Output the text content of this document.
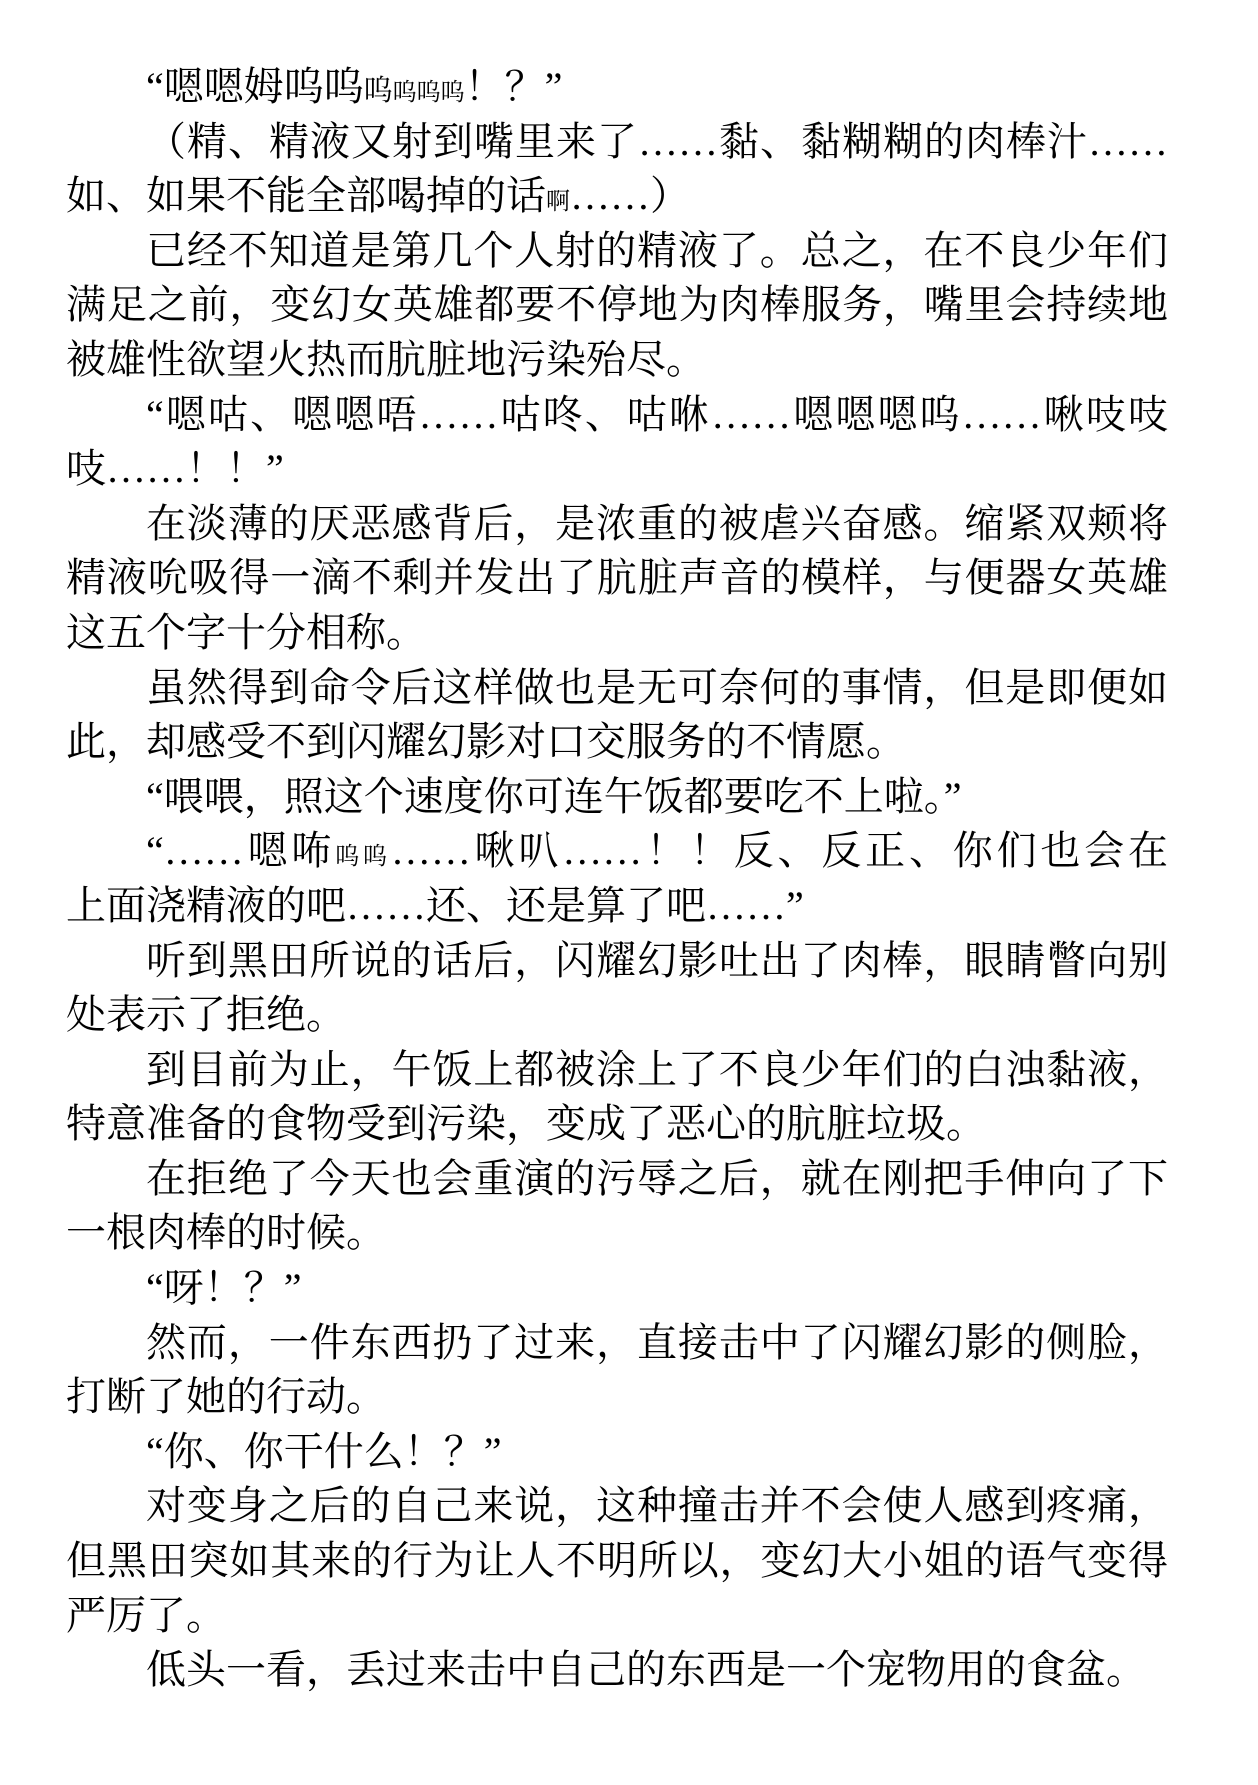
“嗯嗯姆呜呜呜呜呜呜！？”
（精、精液又射到嘴里来了……黏、黏糊糊的肉棒汁……
如、如果不能全部喝掉的话啊……）
已经不知道是第几个人射的精液了。总之，在不良少年们
满足之前，变幻女英雄都要不停地为肉棒服务，嘴里会持续地
被雄性欲望火热而肮脏地污染殆尽。
“嗯咕、嗯嗯唔……咕咚、咕咻……嗯嗯嗯呜……啾吱吱
吱……！！”
在淡薄的厌恶感背后，是浓重的被虐兴奋感。缩紧双颊将
精液吮吸得一滴不剩并发出了肮脏声音的模样，与便器女英雄
这五个字十分相称。
虽然得到命令后这样做也是无可奈何的事情，但是即便如
此，却感受不到闪耀幻影对口交服务的不情愿。
“喂喂，照这个速度你可连午饭都要吃不上啦。”
“……嗯咘呜呜……啾叭……！！反、反正、你们也会在
上面浇精液的吧……还、还是算了吧……”
听到黑田所说的话后，闪耀幻影吐出了肉棒，眼睛瞥向别
处表示了拒绝。
到目前为止，午饭上都被涂上了不良少年们的白浊黏液，
特意准备的食物受到污染，变成了恶心的肮脏垃圾。
在拒绝了今天也会重演的污辱之后，就在刚把手伸向了下
一根肉棒的时候。
“呀！？”
然而，一件东西扔了过来，直接击中了闪耀幻影的侧脸，
打断了她的行动。
“你、你干什么！？”
对变身之后的自己来说，这种撞击并不会使人感到疼痛，
但黑田突如其来的行为让人不明所以，变幻大小姐的语气变得
严厉了。
低头一看，丢过来击中自己的东西是一个宠物用的食盆。
